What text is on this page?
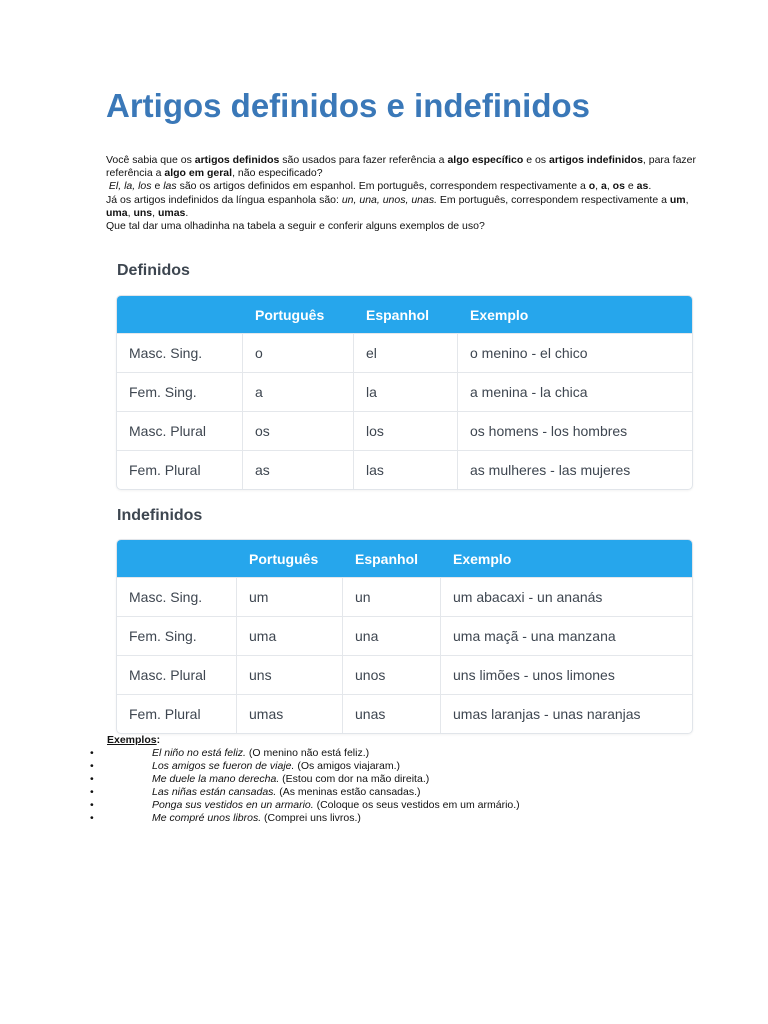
Artigos definidos e indefinidos

Você sabia que os artigos definidos são usados para fazer referência a algo específico e os artigos indefinidos, para fazer referência a algo em geral, não especificado?

El, la, los e las são os artigos definidos em espanhol. Em português, correspondem respectivamente a o, a, os e as.

Já os artigos indefinidos da língua espanhola são: un, una, unos, unas. Em português, correspondem respectivamente a um, uma, uns, umas.

Que tal dar uma olhadinha na tabela a seguir e conferir alguns exemplos de uso?

Definidos
	Português	Espanhol	Exemplo
Masc. Sing.	o	el	o menino - el chico
Fem. Sing.	a	la	a menina - la chica
Masc. Plural	os	los	os homens - los hombres
Fem. Plural	as	las	as mulheres - las mujeres
Indefinidos
	Português	Espanhol	Exemplo
Masc. Sing.	um	un	um abacaxi - un ananás
Fem. Sing.	uma	una	uma maçã - una manzana
Masc. Plural	uns	unos	uns limões - unos limones
Fem. Plural	umas	unas	umas laranjas - unas naranjas
Exemplos:
•	El niño no está feliz. (O menino não está feliz.)
•	Los amigos se fueron de viaje. (Os amigos viajaram.)
•	Me duele la mano derecha. (Estou com dor na mão direita.)
•	Las niñas están cansadas. (As meninas estão cansadas.)
•	Ponga sus vestidos en un armario. (Coloque os seus vestidos em um armário.)
•	Me compré unos libros. (Comprei uns livros.)
